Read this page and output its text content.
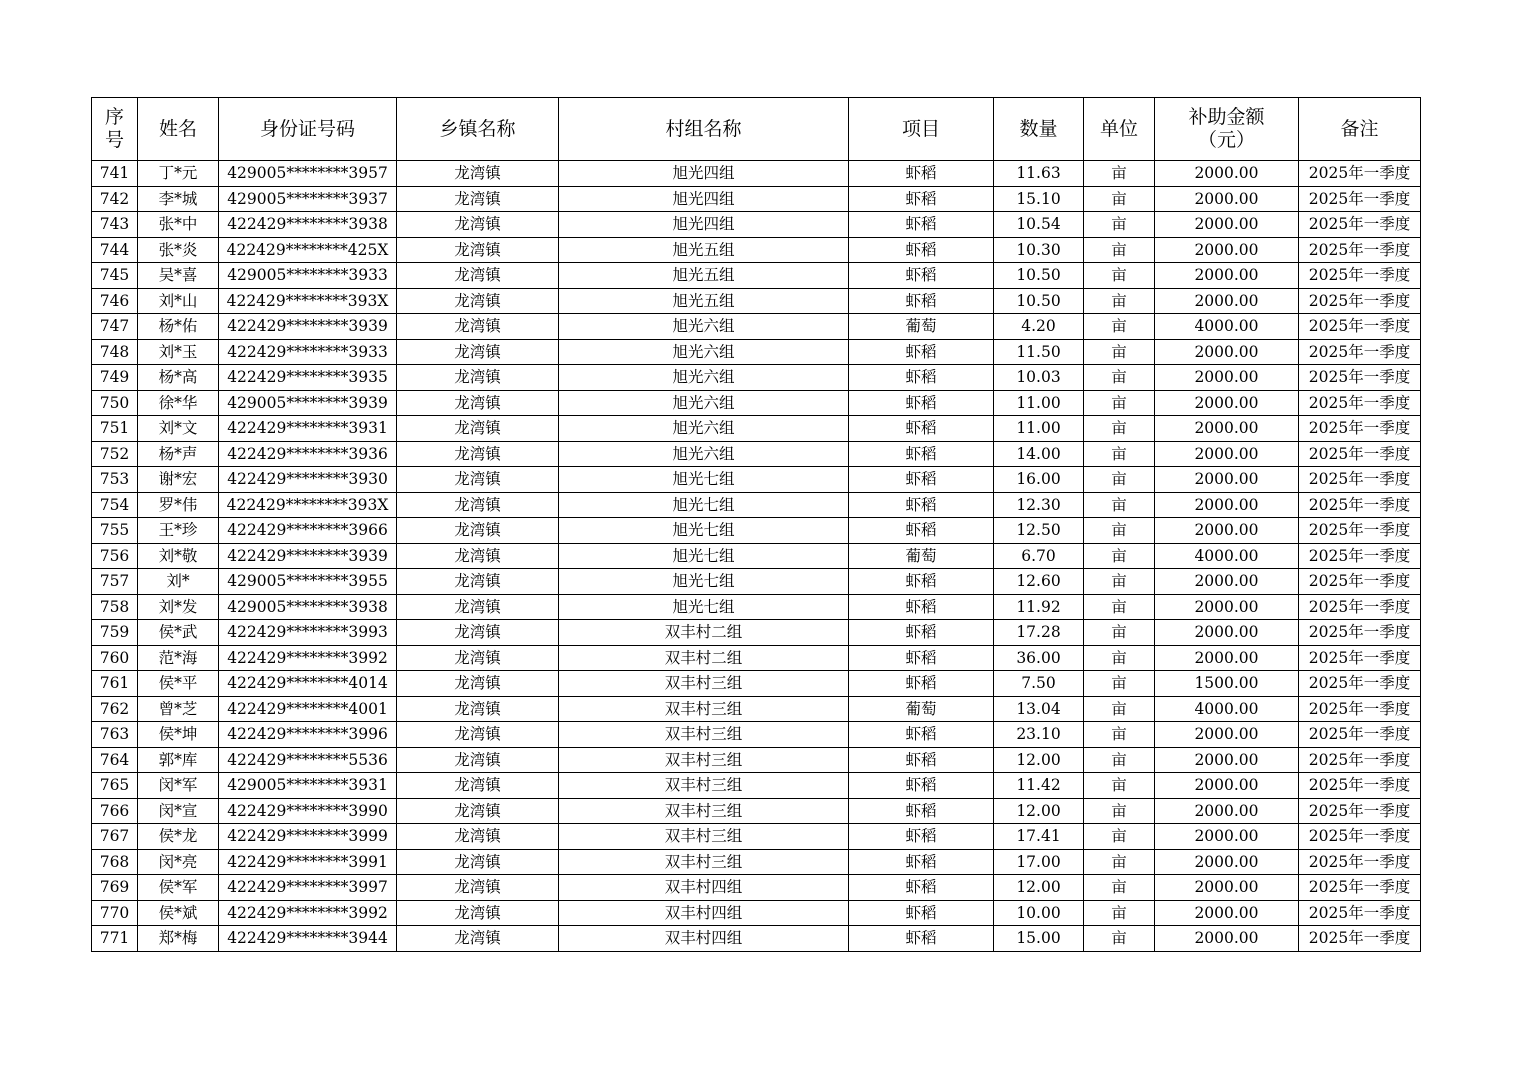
序号	姓名	身份证号码	乡镇名称	村组名称	项目	数量	单位	补助金额（元）	备注
741	丁*元	429005********3957	龙湾镇	旭光四组	虾稻	11.63	亩	2000.00	2025年一季度
742	李*城	429005********3937	龙湾镇	旭光四组	虾稻	15.10	亩	2000.00	2025年一季度
743	张*中	422429********3938	龙湾镇	旭光四组	虾稻	10.54	亩	2000.00	2025年一季度
744	张*炎	422429********425X	龙湾镇	旭光五组	虾稻	10.30	亩	2000.00	2025年一季度
745	吴*喜	429005********3933	龙湾镇	旭光五组	虾稻	10.50	亩	2000.00	2025年一季度
746	刘*山	422429********393X	龙湾镇	旭光五组	虾稻	10.50	亩	2000.00	2025年一季度
747	杨*佑	422429********3939	龙湾镇	旭光六组	葡萄	4.20	亩	4000.00	2025年一季度
748	刘*玉	422429********3933	龙湾镇	旭光六组	虾稻	11.50	亩	2000.00	2025年一季度
749	杨*高	422429********3935	龙湾镇	旭光六组	虾稻	10.03	亩	2000.00	2025年一季度
750	徐*华	429005********3939	龙湾镇	旭光六组	虾稻	11.00	亩	2000.00	2025年一季度
751	刘*文	422429********3931	龙湾镇	旭光六组	虾稻	11.00	亩	2000.00	2025年一季度
752	杨*声	422429********3936	龙湾镇	旭光六组	虾稻	14.00	亩	2000.00	2025年一季度
753	谢*宏	422429********3930	龙湾镇	旭光七组	虾稻	16.00	亩	2000.00	2025年一季度
754	罗*伟	422429********393X	龙湾镇	旭光七组	虾稻	12.30	亩	2000.00	2025年一季度
755	王*珍	422429********3966	龙湾镇	旭光七组	虾稻	12.50	亩	2000.00	2025年一季度
756	刘*敬	422429********3939	龙湾镇	旭光七组	葡萄	6.70	亩	4000.00	2025年一季度
757	刘*	429005********3955	龙湾镇	旭光七组	虾稻	12.60	亩	2000.00	2025年一季度
758	刘*发	429005********3938	龙湾镇	旭光七组	虾稻	11.92	亩	2000.00	2025年一季度
759	侯*武	422429********3993	龙湾镇	双丰村二组	虾稻	17.28	亩	2000.00	2025年一季度
760	范*海	422429********3992	龙湾镇	双丰村二组	虾稻	36.00	亩	2000.00	2025年一季度
761	侯*平	422429********4014	龙湾镇	双丰村三组	虾稻	7.50	亩	1500.00	2025年一季度
762	曾*芝	422429********4001	龙湾镇	双丰村三组	葡萄	13.04	亩	4000.00	2025年一季度
763	侯*坤	422429********3996	龙湾镇	双丰村三组	虾稻	23.10	亩	2000.00	2025年一季度
764	郭*库	422429********5536	龙湾镇	双丰村三组	虾稻	12.00	亩	2000.00	2025年一季度
765	闵*军	429005********3931	龙湾镇	双丰村三组	虾稻	11.42	亩	2000.00	2025年一季度
766	闵*宣	422429********3990	龙湾镇	双丰村三组	虾稻	12.00	亩	2000.00	2025年一季度
767	侯*龙	422429********3999	龙湾镇	双丰村三组	虾稻	17.41	亩	2000.00	2025年一季度
768	闵*亮	422429********3991	龙湾镇	双丰村三组	虾稻	17.00	亩	2000.00	2025年一季度
769	侯*军	422429********3997	龙湾镇	双丰村四组	虾稻	12.00	亩	2000.00	2025年一季度
770	侯*斌	422429********3992	龙湾镇	双丰村四组	虾稻	10.00	亩	2000.00	2025年一季度
771	郑*梅	422429********3944	龙湾镇	双丰村四组	虾稻	15.00	亩	2000.00	2025年一季度
